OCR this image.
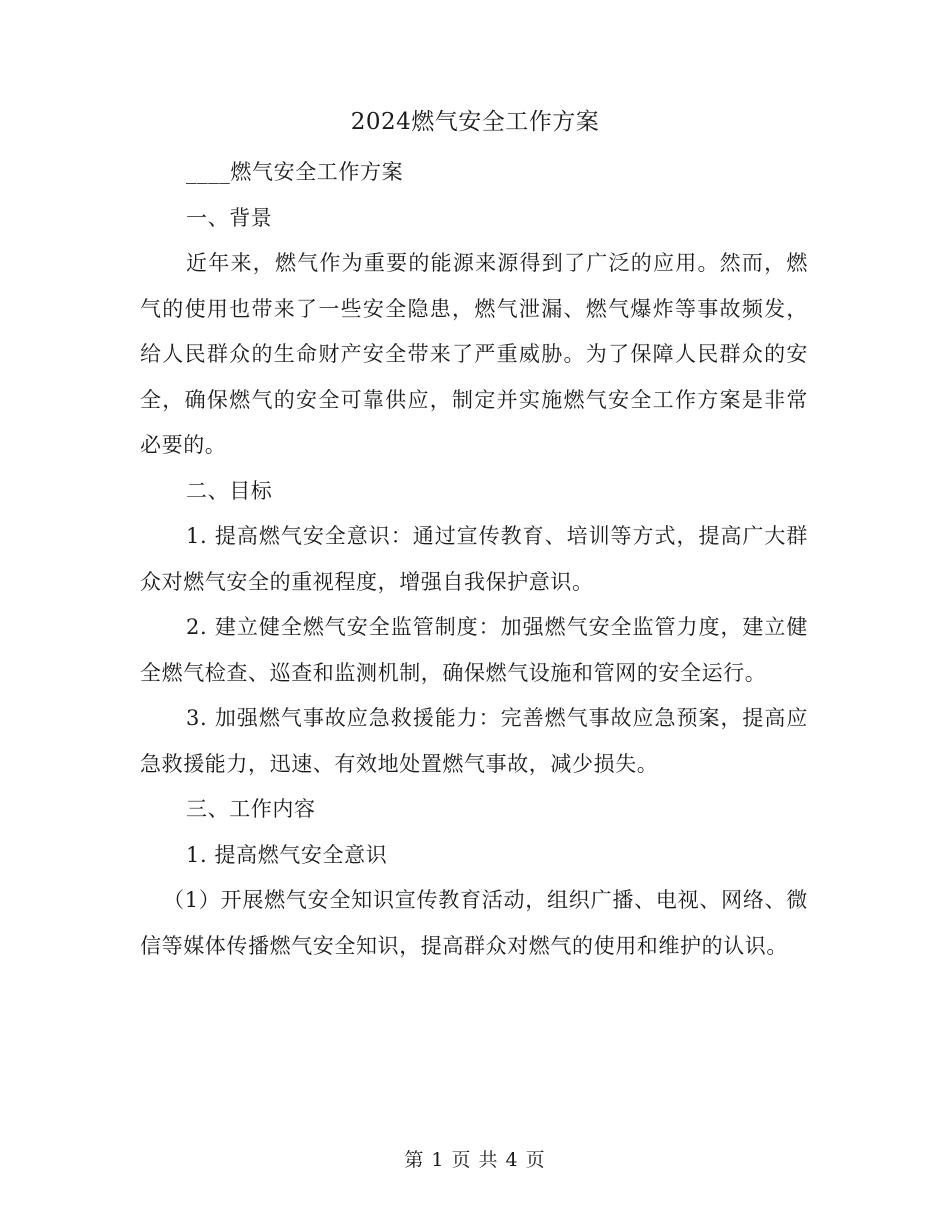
2024燃气安全工作方案

____燃气安全工作方案

一、背景

近年来，燃气作为重要的能源来源得到了广泛的应用。然而，燃气的使用也带来了一些安全隐患，燃气泄漏、燃气爆炸等事故频发，给人民群众的生命财产安全带来了严重威胁。为了保障人民群众的安全，确保燃气的安全可靠供应，制定并实施燃气安全工作方案是非常必要的。

二、目标

1. 提高燃气安全意识：通过宣传教育、培训等方式，提高广大群众对燃气安全的重视程度，增强自我保护意识。

2. 建立健全燃气安全监管制度：加强燃气安全监管力度，建立健全燃气检查、巡查和监测机制，确保燃气设施和管网的安全运行。

3. 加强燃气事故应急救援能力：完善燃气事故应急预案，提高应急救援能力，迅速、有效地处置燃气事故，减少损失。

三、工作内容

1. 提高燃气安全意识

（1）开展燃气安全知识宣传教育活动，组织广播、电视、网络、微信等媒体传播燃气安全知识，提高群众对燃气的使用和维护的认识。

第 1 页 共 4 页
